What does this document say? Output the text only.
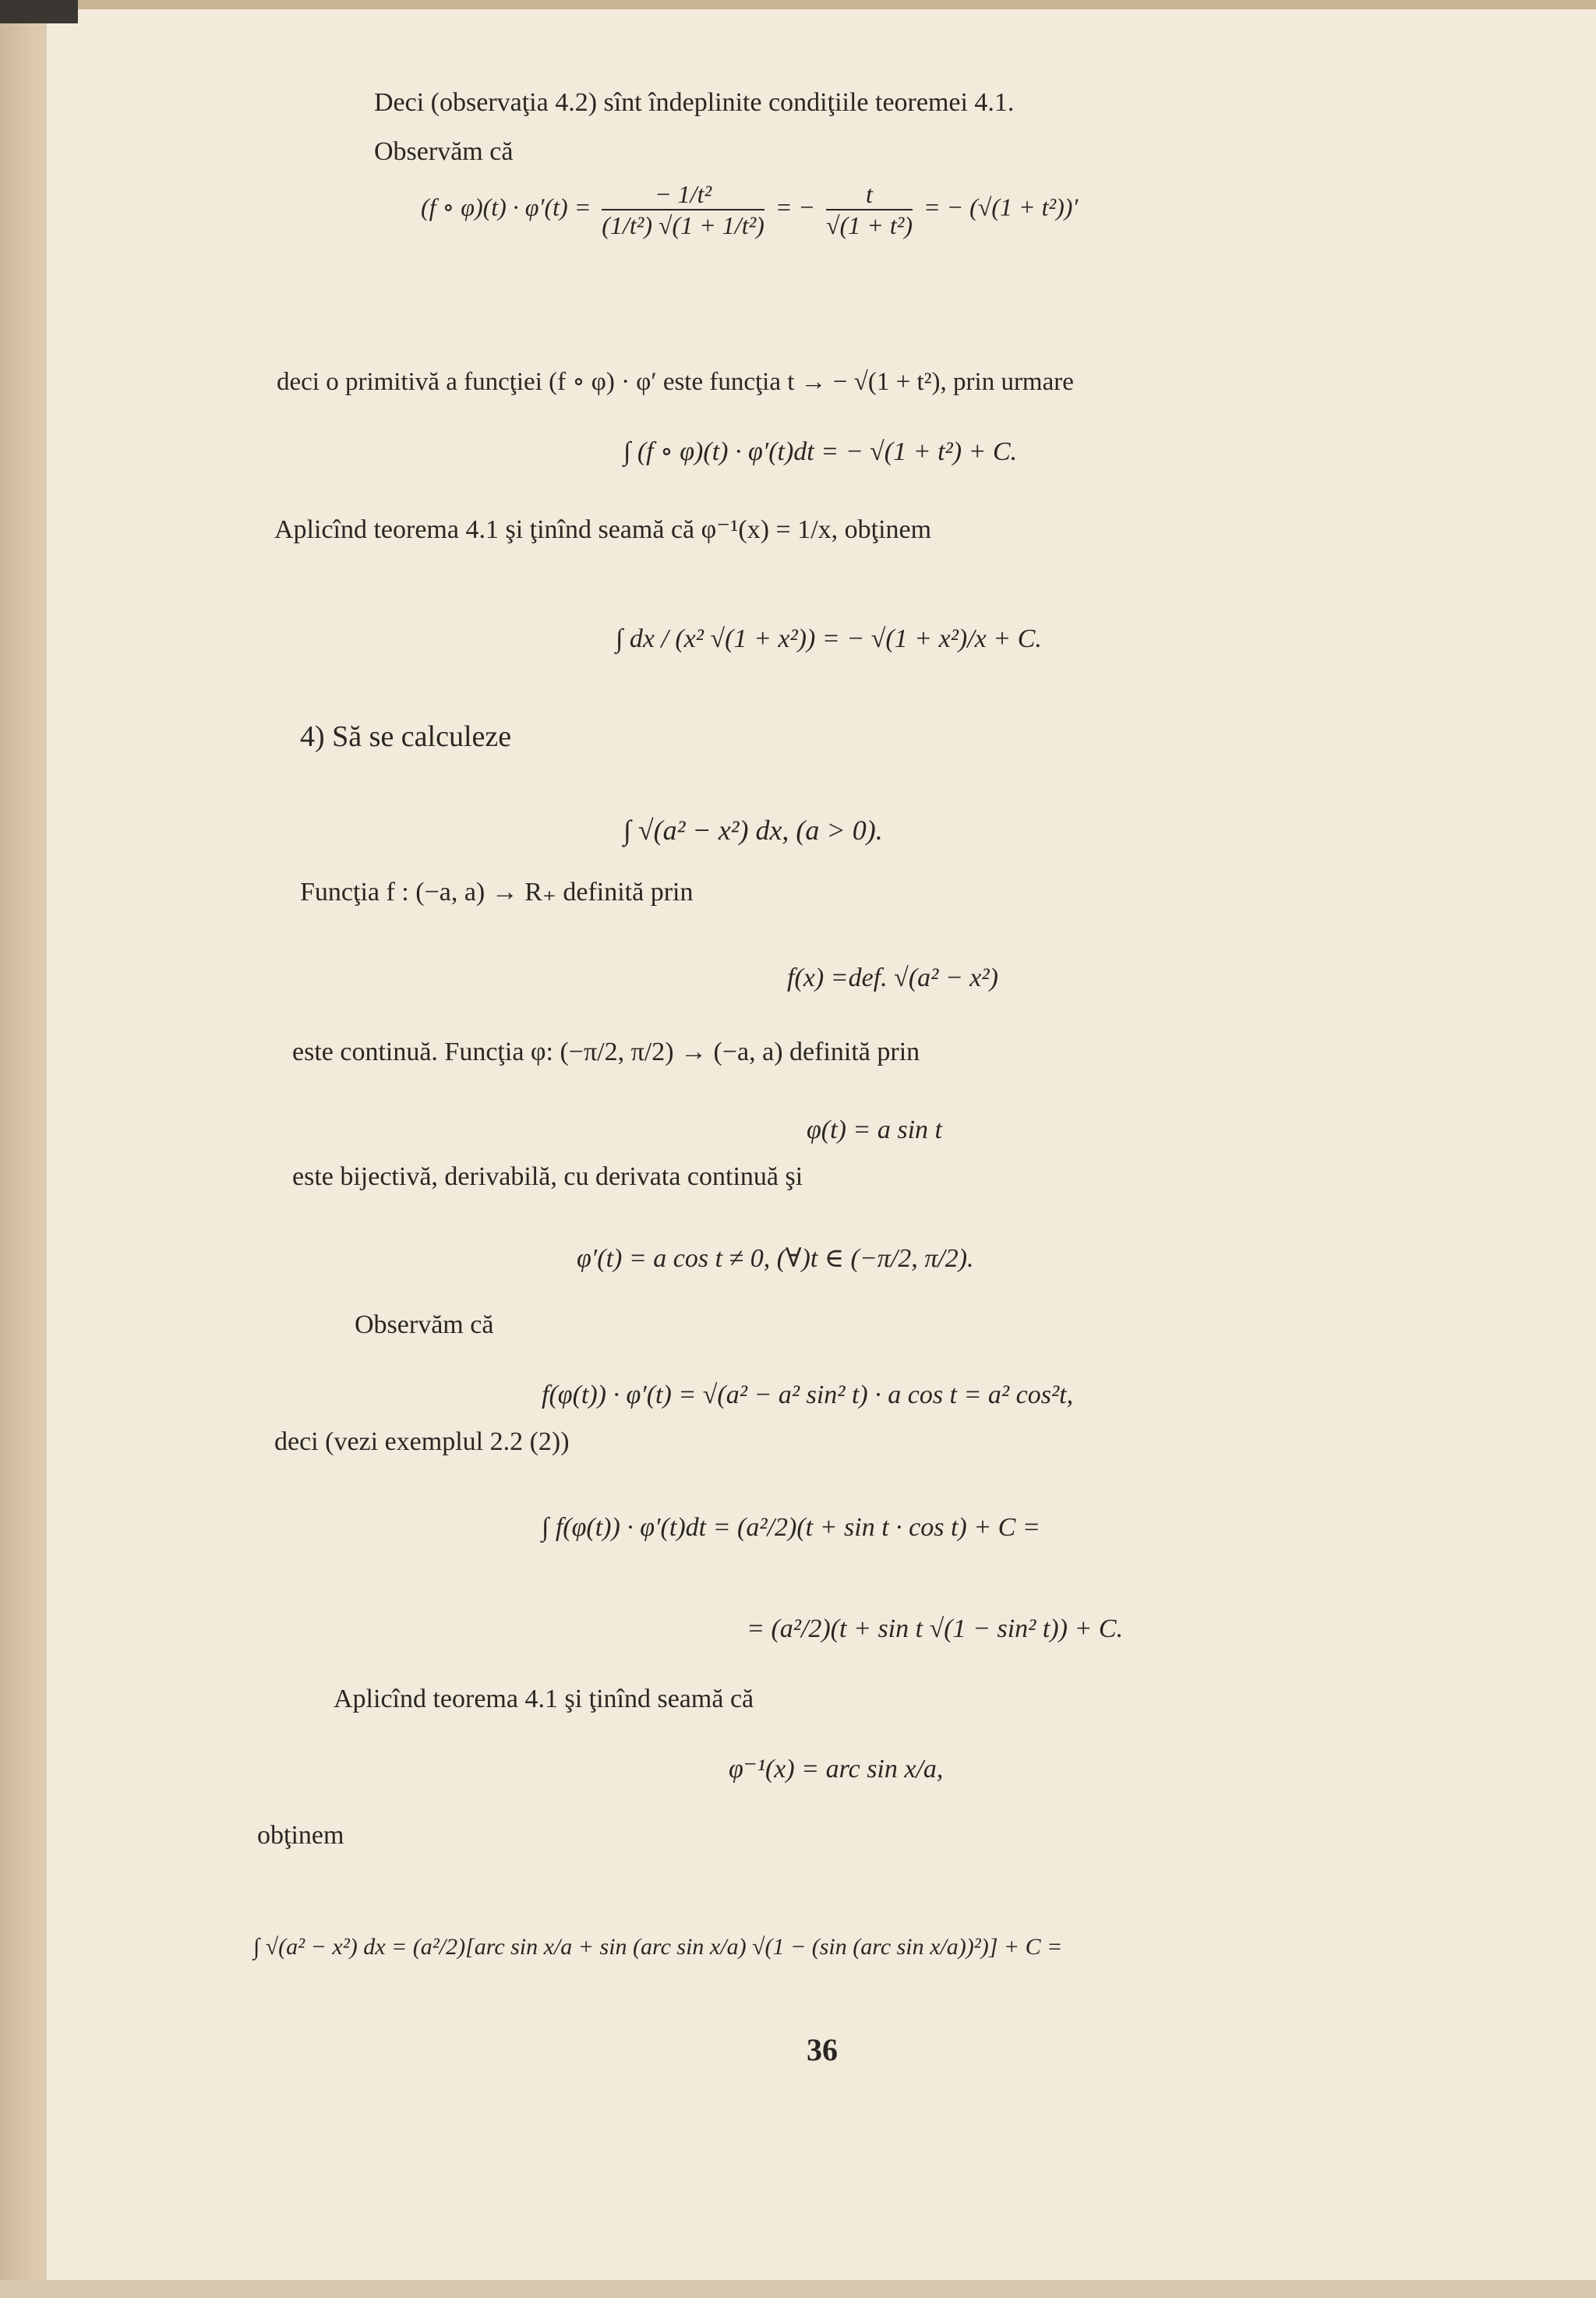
Deci (observaţia 4.2) sînt îndeplinite condiţiile teoremei 4.1.
Observăm că
(f ∘ $\varphi)(t) \cdot \varphi'(t) = \frac{\text{− 1/t²}}{\text{(1/t²) √(1 + 1/t²)}}$ = − $\frac{t}{\text{√(1 + t²)}}$ = − (√(1 + t²))′
deci o primitivă a funcţiei (f ∘ φ) · φ′ este funcţia t → − √(1 + t²), prin urmare
∫ (f ∘ φ)(t) · φ′(t)dt = − √(1 + t²) + C.
Aplicînd teorema 4.1 şi ţinînd seamă că φ⁻¹(x) = 1/x, obţinem
∫ dx / (x² √(1 + x²)) = − √(1 + x²)/x + C.
4) Să se calculeze
∫ √(a² − x²) dx, (a > 0).
Funcţia f : (−a, a) → R₊ definită prin
f(x) =def. √(a² − x²)
este continuă. Funcţia φ: (−π/2, π/2) → (−a, a) definită prin
φ(t) = a sin t
este bijectivă, derivabilă, cu derivata continuă şi
φ′(t) = a cos t ≠ 0, (∀)t ∈ (−π/2, π/2).
Observăm că
f(φ(t)) · φ′(t) = √(a² − a² sin² t) · a cos t = a² cos²t,
deci (vezi exemplul 2.2 (2))
∫ f(φ(t)) · φ′(t)dt = (a²/2)(t + sin t · cos t) + C =
= (a²/2)(t + sin t √(1 − sin² t)) + C.
Aplicînd teorema 4.1 şi ţinînd seamă că
φ⁻¹(x) = arc sin x/a,
obţinem
∫ √(a² − x²) dx = (a²/2)[arc sin x/a + sin (arc sin x/a) √(1 − (sin (arc sin x/a))²)] + C =
36
